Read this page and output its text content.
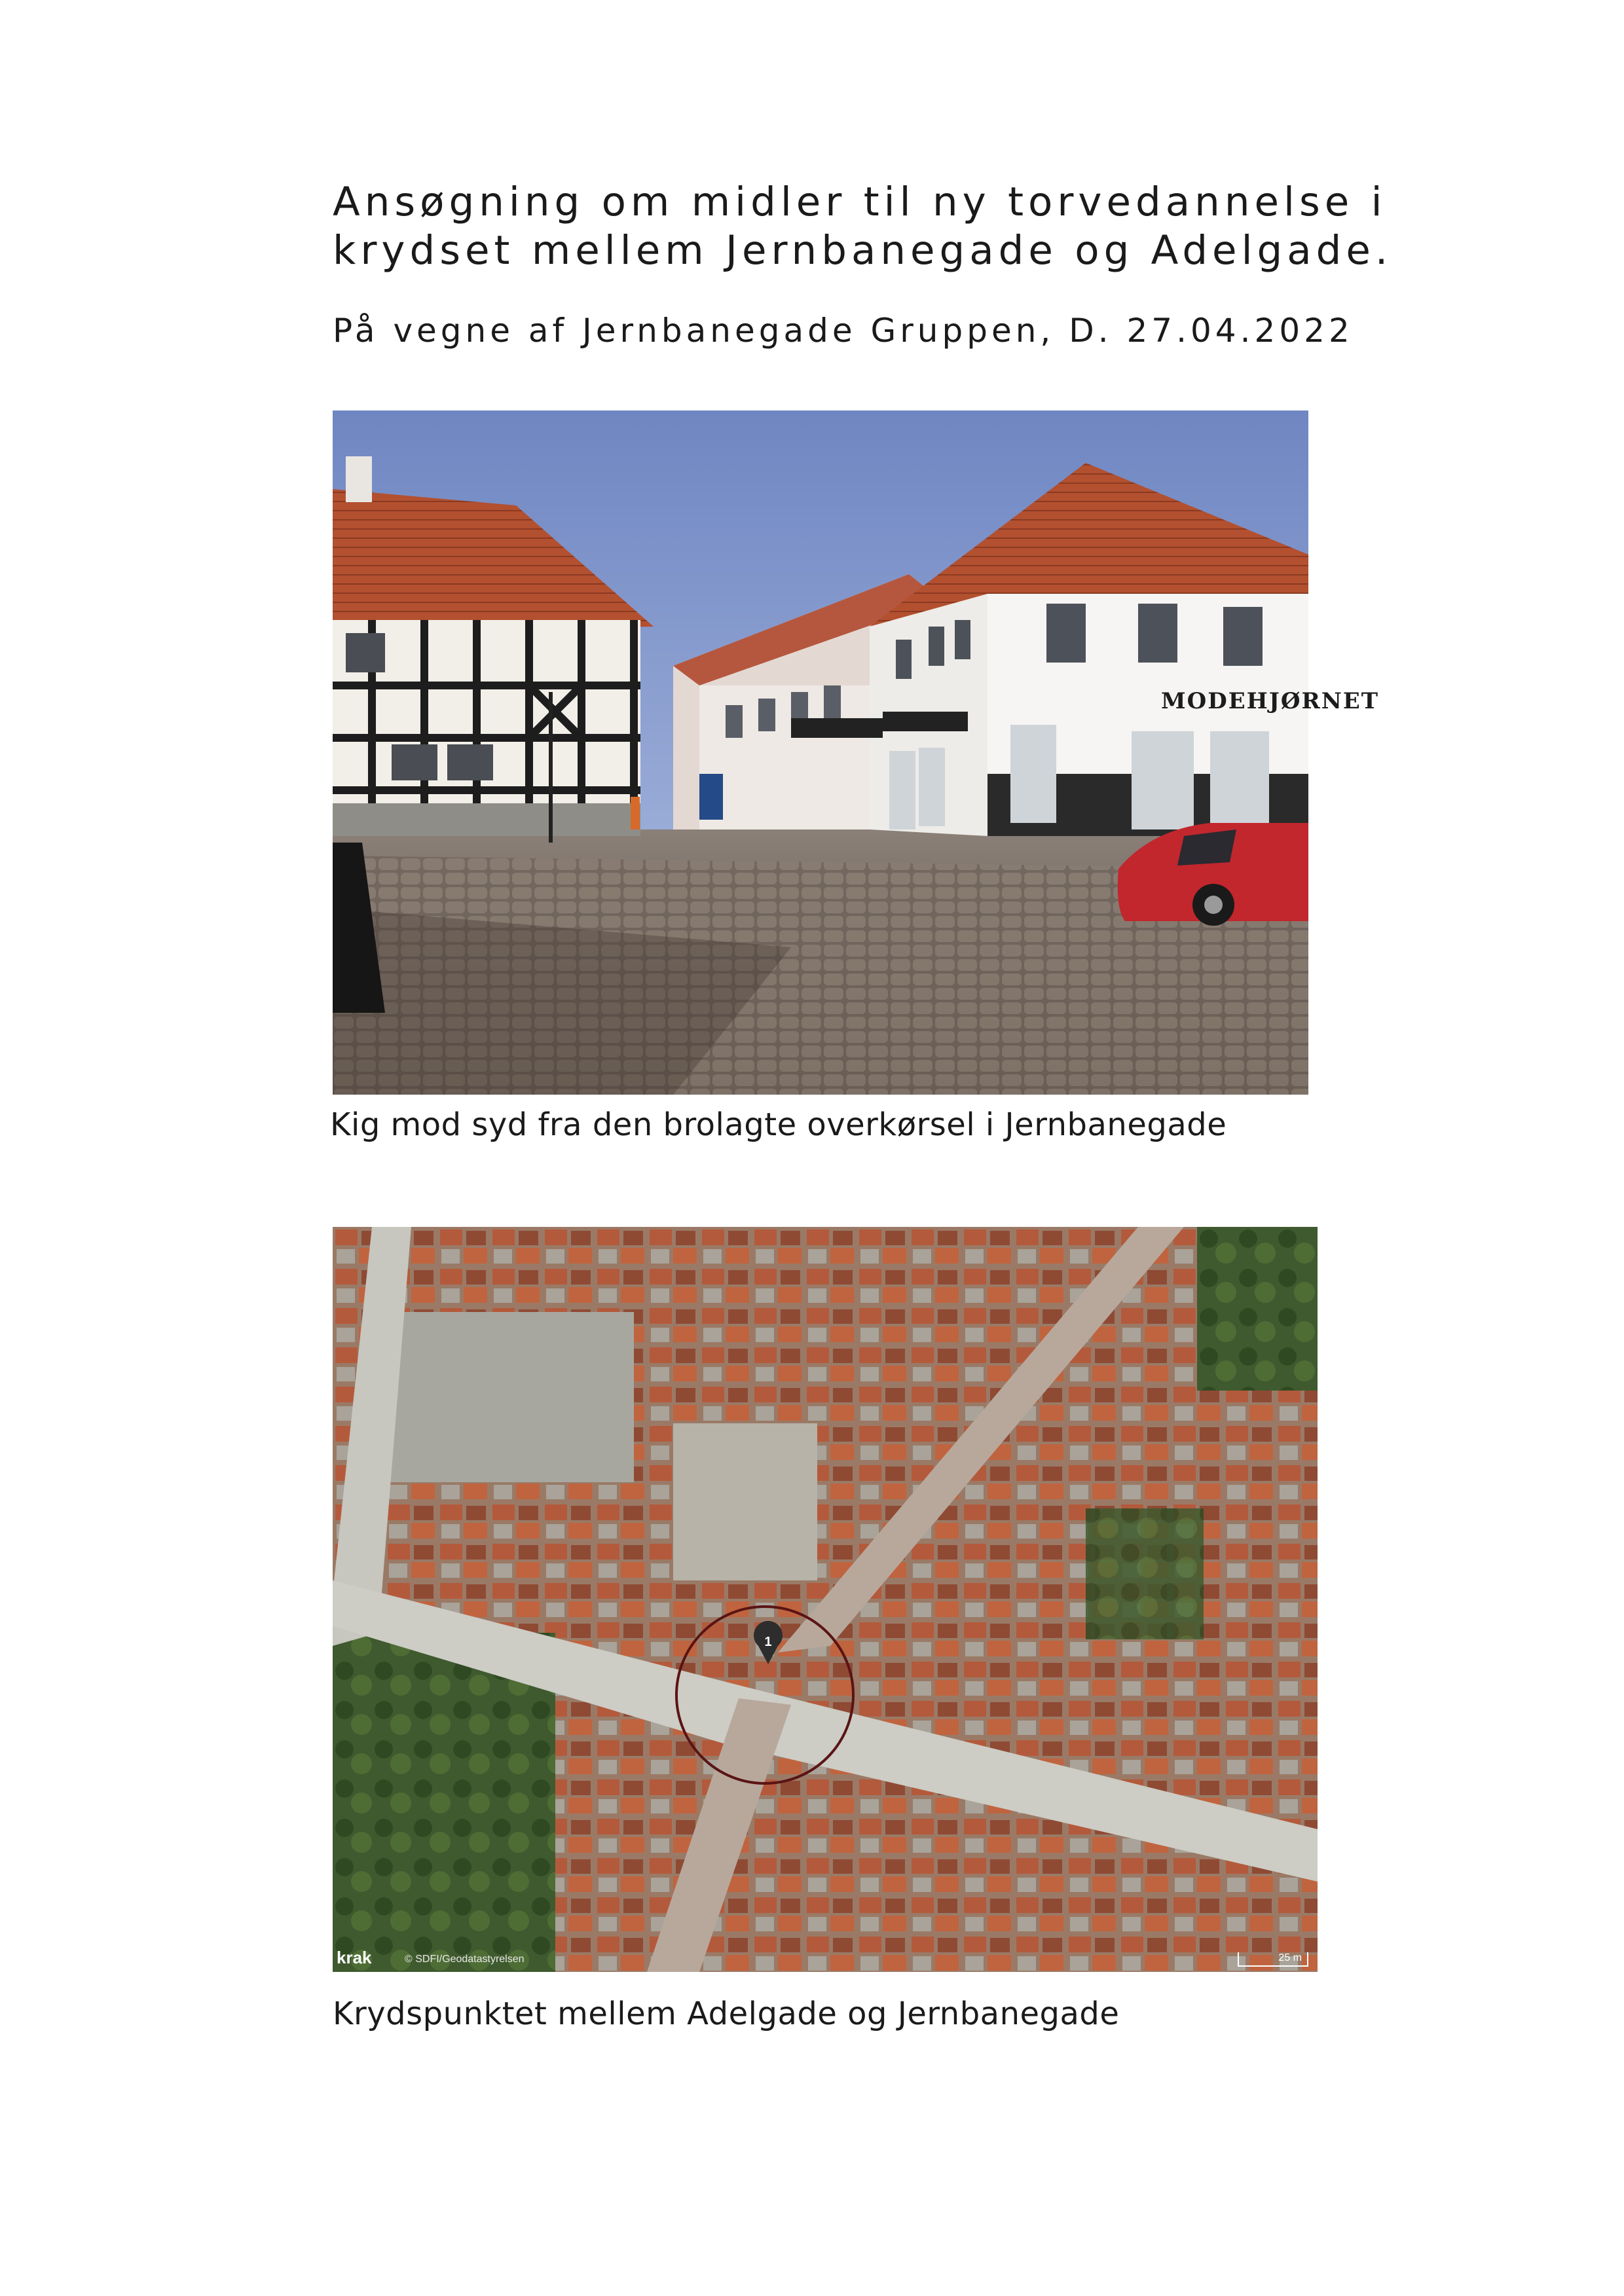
Ansøgning om midler til ny torvedannelse i
krydset mellem Jernbanegade og Adelgade.
På vegne af Jernbanegade Gruppen, D. 27.04.2022
MODEHJØRNET
Kig mod syd fra den brolagte overkørsel i Jernbanegade
1
krak	© SDFI/Geodatastyrelsen	25 m
Krydspunktet mellem Adelgade og Jernbanegade
